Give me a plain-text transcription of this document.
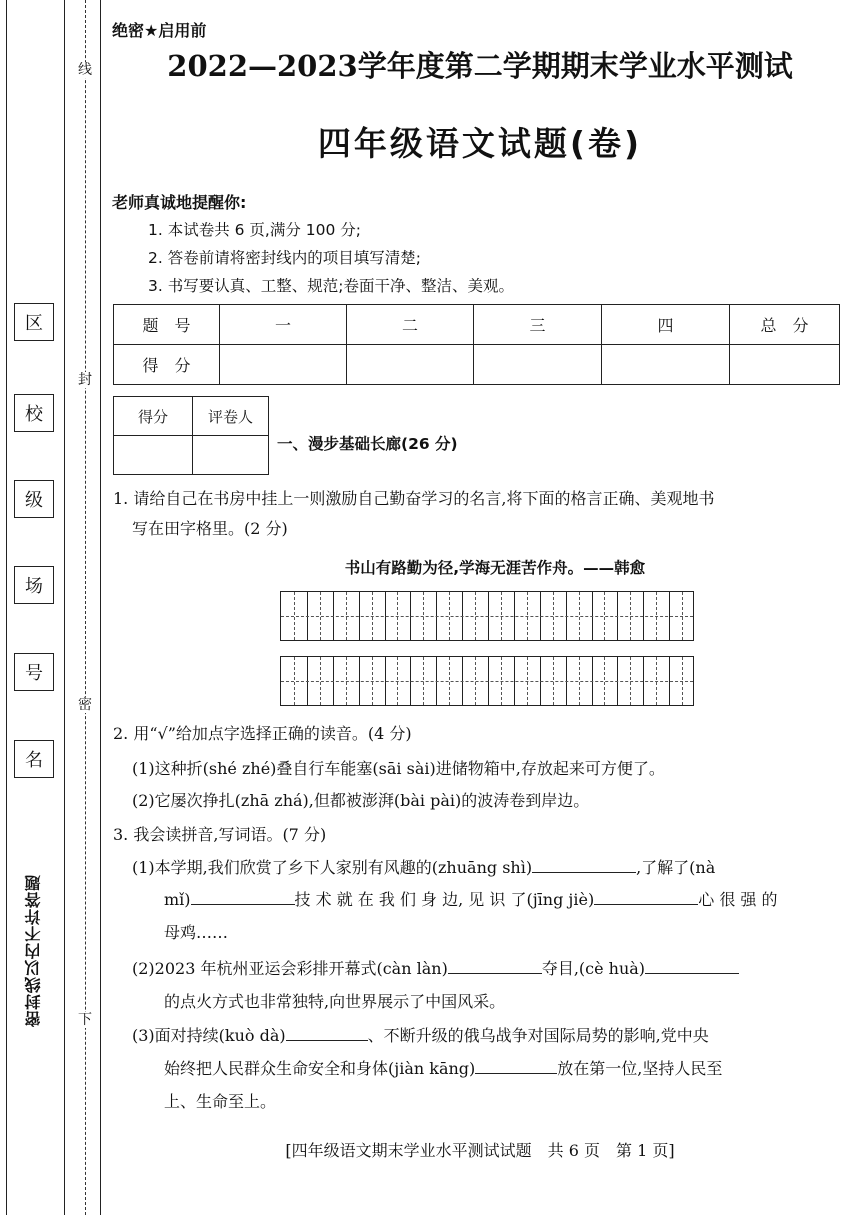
线
封
密
下
区
校
级
场
号
名
密封线以内不许答题
绝密★启用前
2022—2023学年度第二学期期末学业水平测试
四年级语文试题(卷)
老师真诚地提醒你:
1. 本试卷共 6 页,满分 100 分;
2. 答卷前请将密封线内的项目填写清楚;
3. 书写要认真、工整、规范;卷面干净、整洁、美观。
题　号	一	二	三	四	总　分
得　分					
得分	评卷人

一、漫步基础长廊(26 分)
1. 请给自己在书房中挂上一则激励自己勤奋学习的名言,将下面的格言正确、美观地书
写在田字格里。(2 分)
书山有路勤为径,学海无涯苦作舟。——韩愈
2. 用“√”给加点字选择正确的读音。(4 分)
(1)这种折(shé zhé)叠自行车能塞(sāi sài)进储物箱中,存放起来可方便了。
(2)它屡次挣扎(zhā zhá),但都被澎湃(bài pài)的波涛卷到岸边。
3. 我会读拼音,写词语。(7 分)
(1)本学期,我们欣赏了乡下人家别有风趣的(zhuāng shì)	,了解了(nà
mǐ)	技 术 就 在 我 们 身 边, 见 识 了(jīng jiè)	心 很 强 的
母鸡……
(2)2023 年杭州亚运会彩排开幕式(càn làn)	夺目,(cè huà)
的点火方式也非常独特,向世界展示了中国风采。
(3)面对持续(kuò dà)	、不断升级的俄乌战争对国际局势的影响,党中央
始终把人民群众生命安全和身体(jiàn kāng)	放在第一位,坚持人民至
上、生命至上。
[四年级语文期末学业水平测试试题　共 6 页　第 1 页]
